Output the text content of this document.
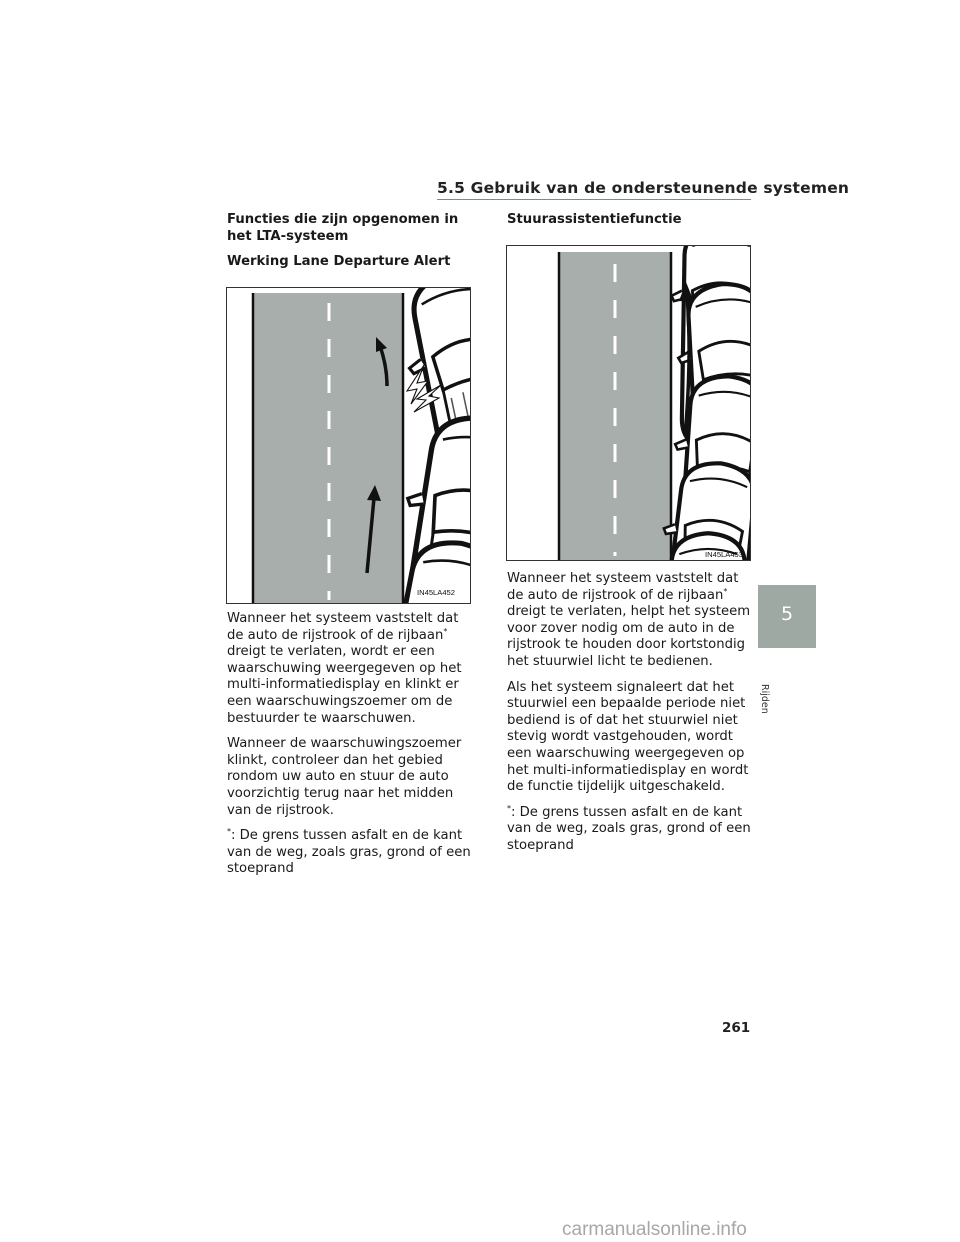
5.5 Gebruik van de ondersteunende systemen

Functies die zijn opgenomen in het LTA-systeem

Werking Lane Departure Alert

IN45LA452

Wanneer het systeem vaststelt dat de auto de rijstrook of de rijbaan* dreigt te verlaten, wordt er een waarschuwing weergegeven op het multi-informatiedisplay en klinkt er een waarschuwingszoemer om de bestuurder te waarschuwen.

Wanneer de waarschuwingszoemer klinkt, controleer dan het gebied rondom uw auto en stuur de auto voorzichtig terug naar het midden van de rijstrook.

*: De grens tussen asfalt en de kant van de weg, zoals gras, grond of een stoeprand

Stuurassistentiefunctie

IN45LA453

Wanneer het systeem vaststelt dat de auto de rijstrook of de rijbaan* dreigt te verlaten, helpt het systeem voor zover nodig om de auto in de rijstrook te houden door kortstondig het stuurwiel licht te bedienen.

Als het systeem signaleert dat het stuurwiel een bepaalde periode niet bediend is of dat het stuurwiel niet stevig wordt vastgehouden, wordt een waarschuwing weergegeven op het multi-informatiedisplay en wordt de functie tijdelijk uitgeschakeld.

*: De grens tussen asfalt en de kant van de weg, zoals gras, grond of een stoeprand

5
Rijden
261
carmanualsonline.info
